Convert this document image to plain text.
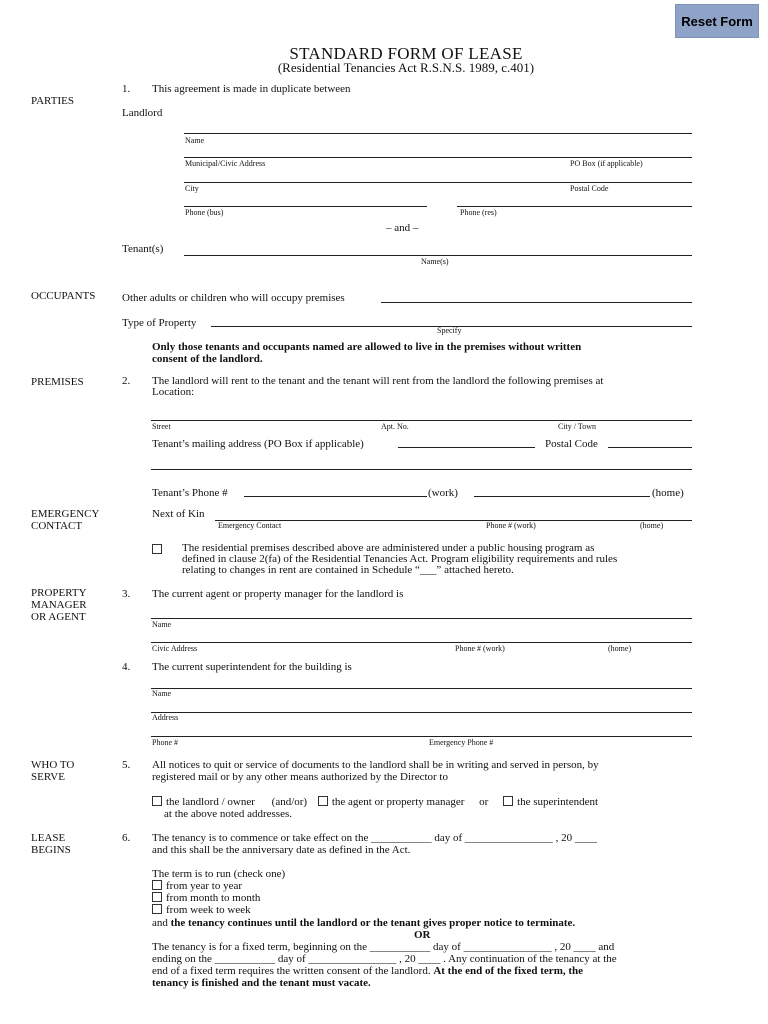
Reset Form
STANDARD FORM OF LEASE
(Residential Tenancies Act R.S.N.S. 1989, c.401)
PARTIES
1. This agreement is made in duplicate between
Landlord
Name
Municipal/Civic Address	PO Box (if applicable)
City	Postal Code
Phone (bus)	Phone (res)
– and –
Tenant(s)
Name(s)
OCCUPANTS Other adults or children who will occupy premises
Type of Property
Specify
Only those tenants and occupants named are allowed to live in the premises without written
consent of the landlord.
PREMISES	2. The landlord will rent to the tenant and the tenant will rent from the landlord the following premises at
Location:
Street	Apt. No.	City / Town
Tenant’s mailing address (PO Box if applicable)	Postal Code
Tenant’s Phone #	(work)	(home)
EMERGENCY
CONTACT
Next of Kin
Emergency Contact	Phone # (work)	(home)
The residential premises described above are administered under a public housing program as
defined in clause 2(fa) of the Residential Tenancies Act. Program eligibility requirements and rules
relating to changes in rent are contained in Schedule “___” attached hereto.
PROPERTY
MANAGER
OR AGENT
3. The current agent or property manager for the landlord is
Name
Civic Address	Phone # (work)	(home)
4. The current superintendent for the building is
Name
Address
Phone #	Emergency Phone #
WHO TO
SERVE
5. All notices to quit or service of documents to the landlord shall be in writing and served in person, by
registered mail or by any other means authorized by the Director to
the landlord / owner (and/or) the agent or property manager or	the superintendent
at the above noted addresses.
LEASE
BEGINS
6. The tenancy is to commence or take effect on the ___________ day of ________________ , 20 ____
and this shall be the anniversary date as defined in the Act.
The term is to run (check one)
from year to year
from month to month
from week to week
and the tenancy continues until the landlord or the tenant gives proper notice to terminate.
OR
The tenancy is for a fixed term, beginning on the ___________ day of ________________ , 20 ____ and
ending on the ___________ day of ________________ , 20 ____ . Any continuation of the tenancy at the
end of a fixed term requires the written consent of the landlord. At the end of the fixed term, the
tenancy is finished and the tenant must vacate.
